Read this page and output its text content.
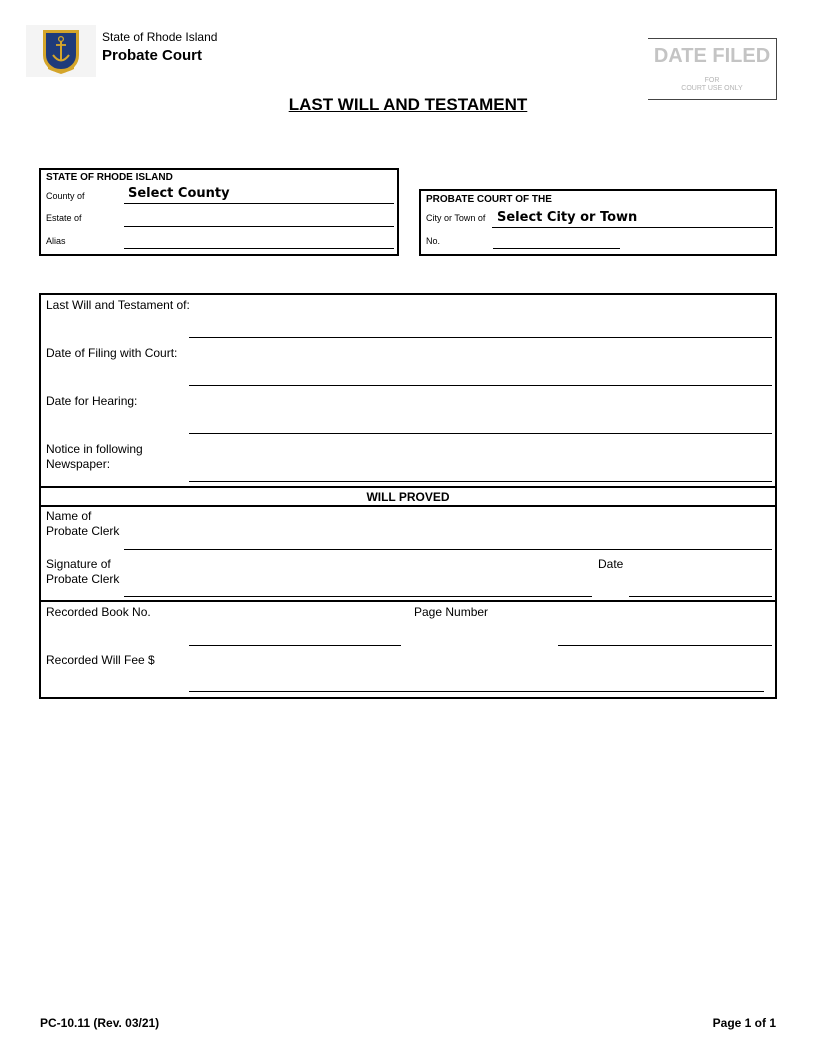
State of Rhode Island
Probate Court	DATE FILED
FOR
COURT USE ONLY
LAST WILL AND TESTAMENT
STATE OF RHODE ISLAND
County of	Select County
Estate of
Alias
PROBATE COURT OF THE
City or Town of Select City or Town
No.
Last Will and Testament of:
Date of Filing with Court:
Date for Hearing:
Notice in following
Newspaper:
WILL PROVED
Name of
Probate Clerk
Signature of
Probate Clerk
Date
Recorded Book No.	Page Number
Recorded Will Fee $
PC-10.11 (Rev. 03/21)	Page 1 of 1
